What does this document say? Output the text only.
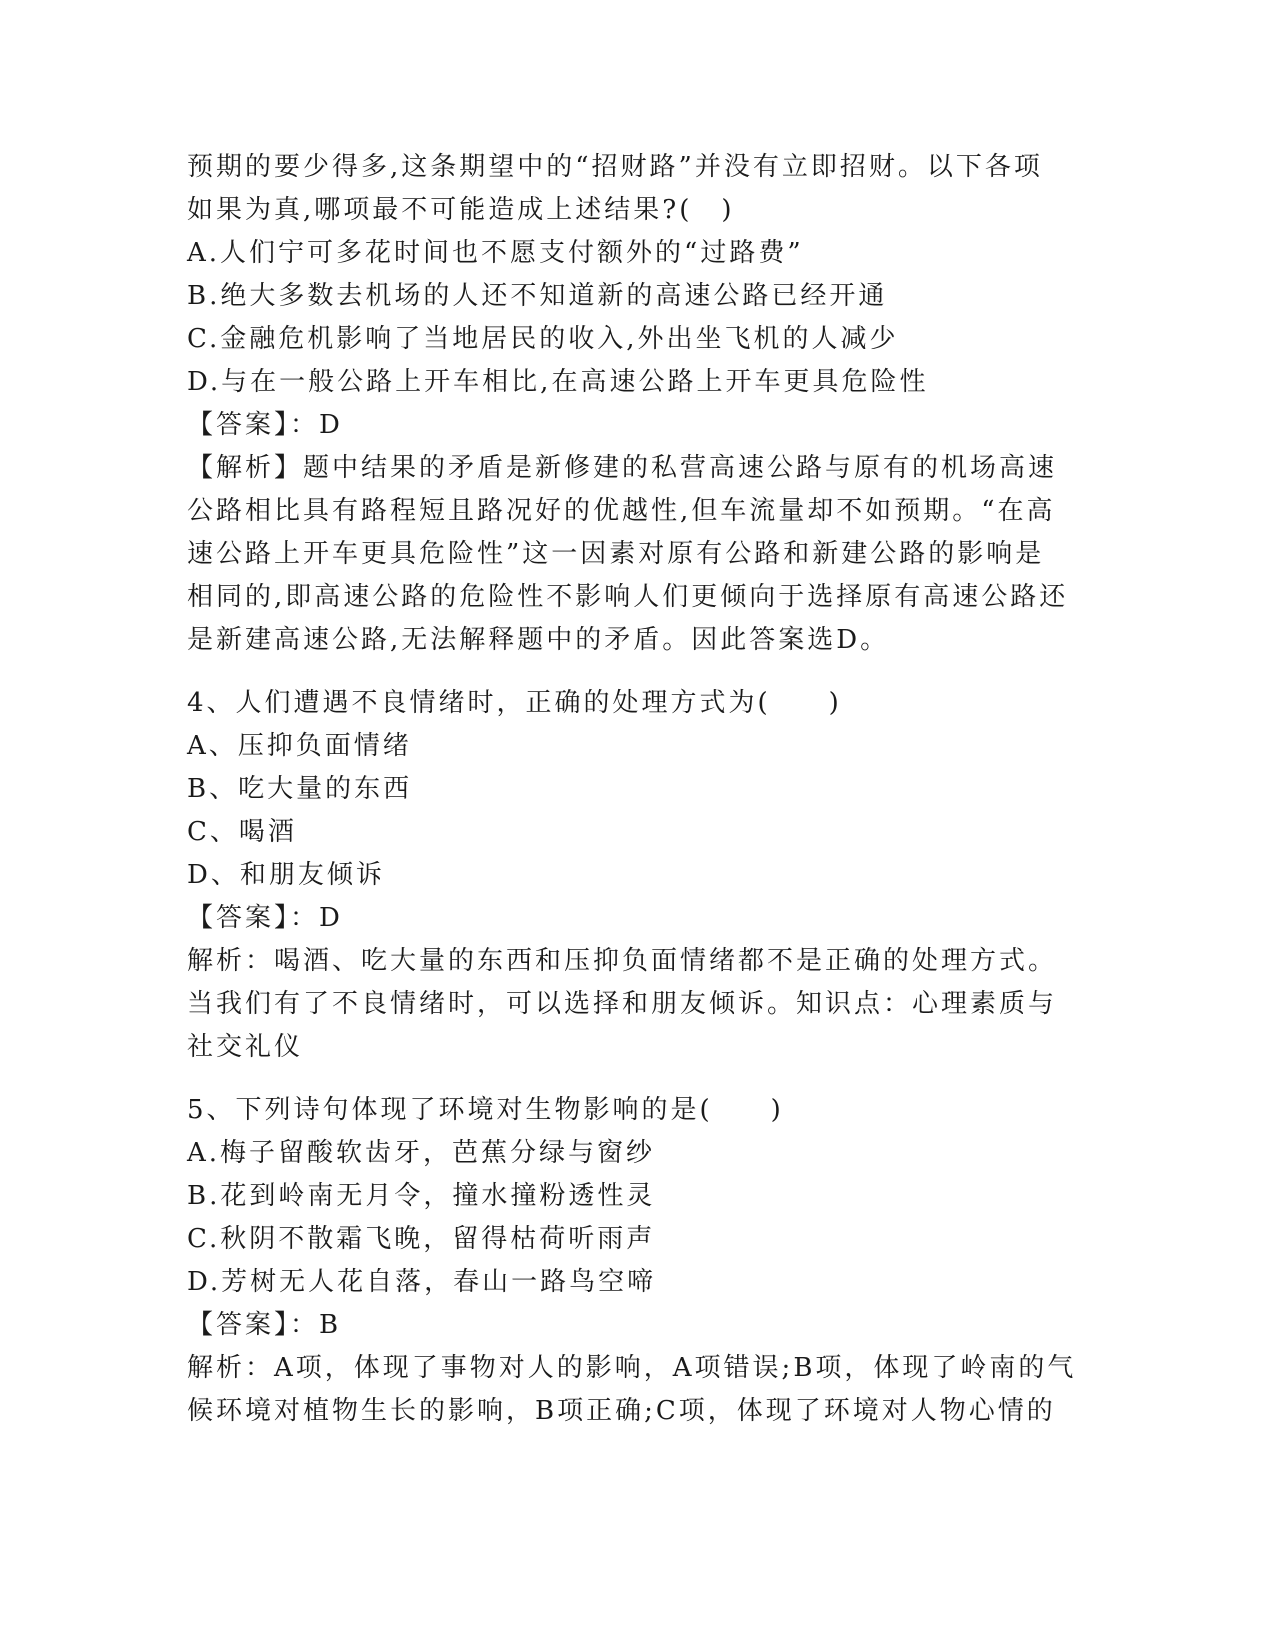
预期的要少得多,这条期望中的“招财路”并没有立即招财。以下各项
如果为真,哪项最不可能造成上述结果?(　)
A.人们宁可多花时间也不愿支付额外的“过路费”
B.绝大多数去机场的人还不知道新的高速公路已经开通
C.金融危机影响了当地居民的收入,外出坐飞机的人减少
D.与在一般公路上开车相比,在高速公路上开车更具危险性
【答案】：D
【解析】题中结果的矛盾是新修建的私营高速公路与原有的机场高速
公路相比具有路程短且路况好的优越性,但车流量却不如预期。“在高
速公路上开车更具危险性”这一因素对原有公路和新建公路的影响是
相同的,即高速公路的危险性不影响人们更倾向于选择原有高速公路还
是新建高速公路,无法解释题中的矛盾。因此答案选D。
4、人们遭遇不良情绪时，正确的处理方式为(　　)
A、压抑负面情绪
B、吃大量的东西
C、喝酒
D、和朋友倾诉
【答案】：D
解析：喝酒、吃大量的东西和压抑负面情绪都不是正确的处理方式。
当我们有了不良情绪时，可以选择和朋友倾诉。知识点：心理素质与
社交礼仪
5、下列诗句体现了环境对生物影响的是(　　)
A.梅子留酸软齿牙，芭蕉分绿与窗纱
B.花到岭南无月令，撞水撞粉透性灵
C.秋阴不散霜飞晚，留得枯荷听雨声
D.芳树无人花自落，春山一路鸟空啼
【答案】：B
解析：A项，体现了事物对人的影响，A项错误;B项，体现了岭南的气
候环境对植物生长的影响，B项正确;C项，体现了环境对人物心情的
